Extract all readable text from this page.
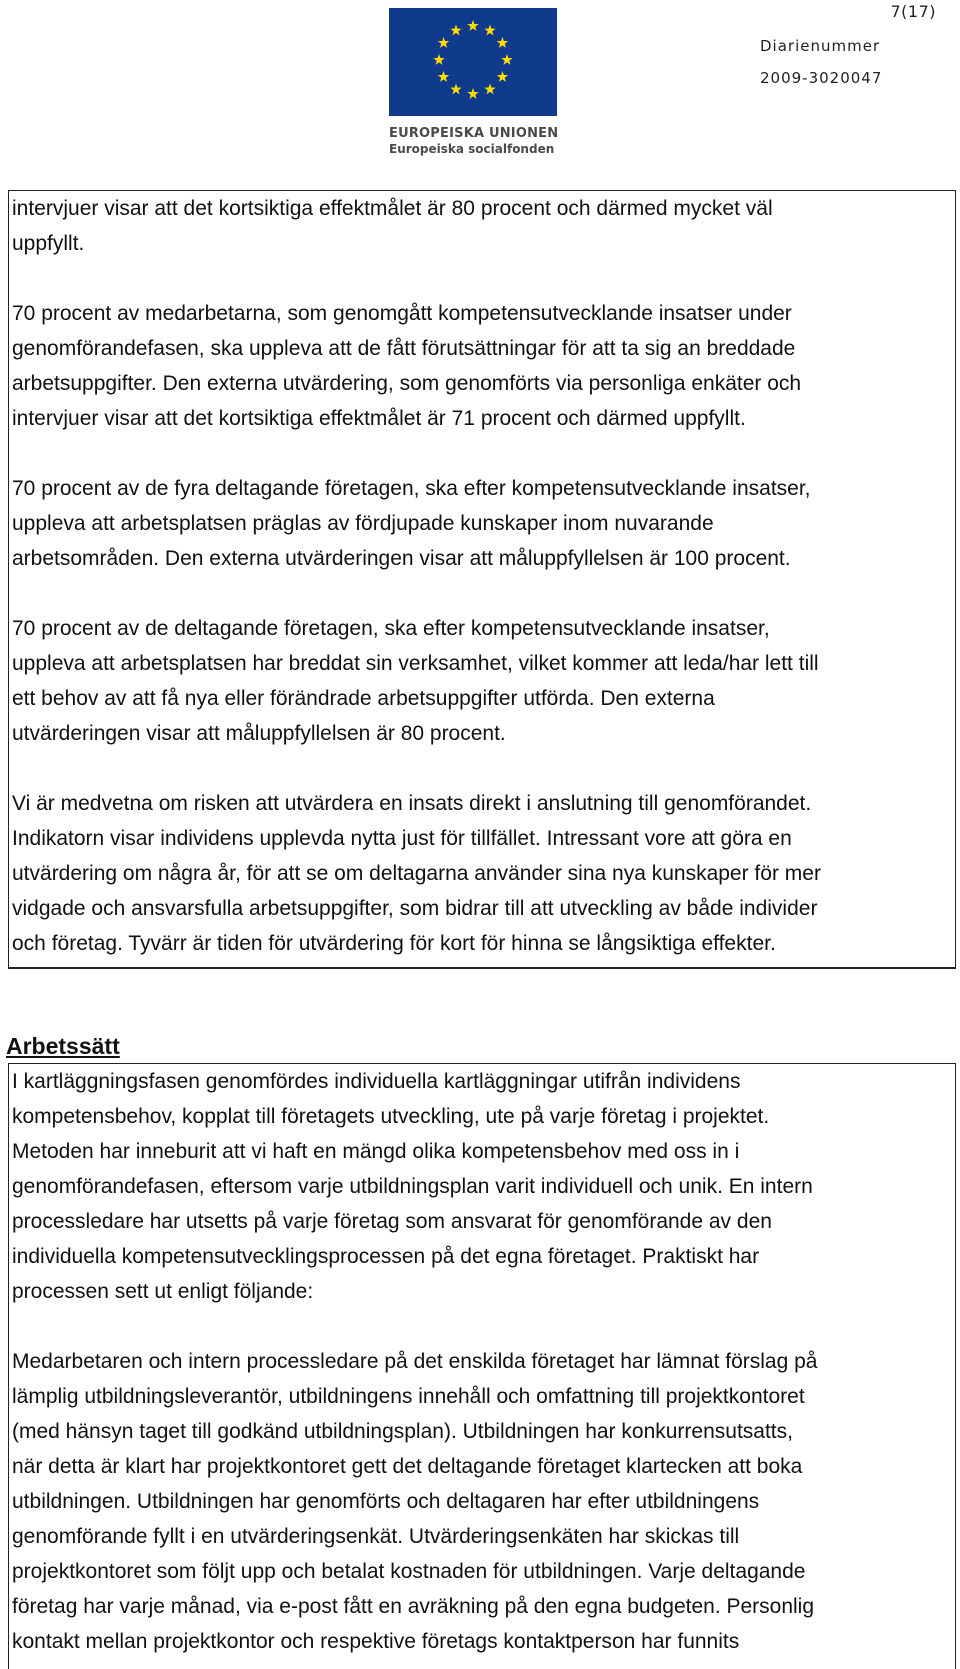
7(17)
EUROPEISKA UNIONEN
Europeiska socialfonden
Diarienummer
2009-3020047

intervjuer visar att det kortsiktiga effektmålet är 80 procent och därmed mycket väl

uppfyllt.

70 procent av medarbetarna, som genomgått kompetensutvecklande insatser under

genomförandefasen, ska uppleva att de fått förutsättningar för att ta sig an breddade

arbetsuppgifter. Den externa utvärdering, som genomförts via personliga enkäter och

intervjuer visar att det kortsiktiga effektmålet är 71 procent och därmed uppfyllt.

70 procent av de fyra deltagande företagen, ska efter kompetensutvecklande insatser,

uppleva att arbetsplatsen präglas av fördjupade kunskaper inom nuvarande

arbetsområden. Den externa utvärderingen visar att måluppfyllelsen är 100 procent.

70 procent av de deltagande företagen, ska efter kompetensutvecklande insatser,

uppleva att arbetsplatsen har breddat sin verksamhet, vilket kommer att leda/har lett till

ett behov av att få nya eller förändrade arbetsuppgifter utförda. Den externa

utvärderingen visar att måluppfyllelsen är 80 procent.

Vi är medvetna om risken att utvärdera en insats direkt i anslutning till genomförandet.

Indikatorn visar individens upplevda nytta just för tillfället. Intressant vore att göra en

utvärdering om några år, för att se om deltagarna använder sina nya kunskaper för mer

vidgade och ansvarsfulla arbetsuppgifter, som bidrar till att utveckling av både individer

och företag. Tyvärr är tiden för utvärdering för kort för hinna se långsiktiga effekter.

Arbetssätt

I kartläggningsfasen genomfördes individuella kartläggningar utifrån individens

kompetensbehov, kopplat till företagets utveckling, ute på varje företag i projektet.

Metoden har inneburit att vi haft en mängd olika kompetensbehov med oss in i

genomförandefasen, eftersom varje utbildningsplan varit individuell och unik. En intern

processledare har utsetts på varje företag som ansvarat för genomförande av den

individuella kompetensutvecklingsprocessen på det egna företaget. Praktiskt har

processen sett ut enligt följande:

Medarbetaren och intern processledare på det enskilda företaget har lämnat förslag på

lämplig utbildningsleverantör, utbildningens innehåll och omfattning till projektkontoret

(med hänsyn taget till godkänd utbildningsplan). Utbildningen har konkurrensutsatts,

när detta är klart har projektkontoret gett det deltagande företaget klartecken att boka

utbildningen. Utbildningen har genomförts och deltagaren har efter utbildningens

genomförande fyllt i en utvärderingsenkät. Utvärderingsenkäten har skickas till

projektkontoret som följt upp och betalat kostnaden för utbildningen. Varje deltagande

företag har varje månad, via e-post fått en avräkning på den egna budgeten. Personlig

kontakt mellan projektkontor och respektive företags kontaktperson har funnits
